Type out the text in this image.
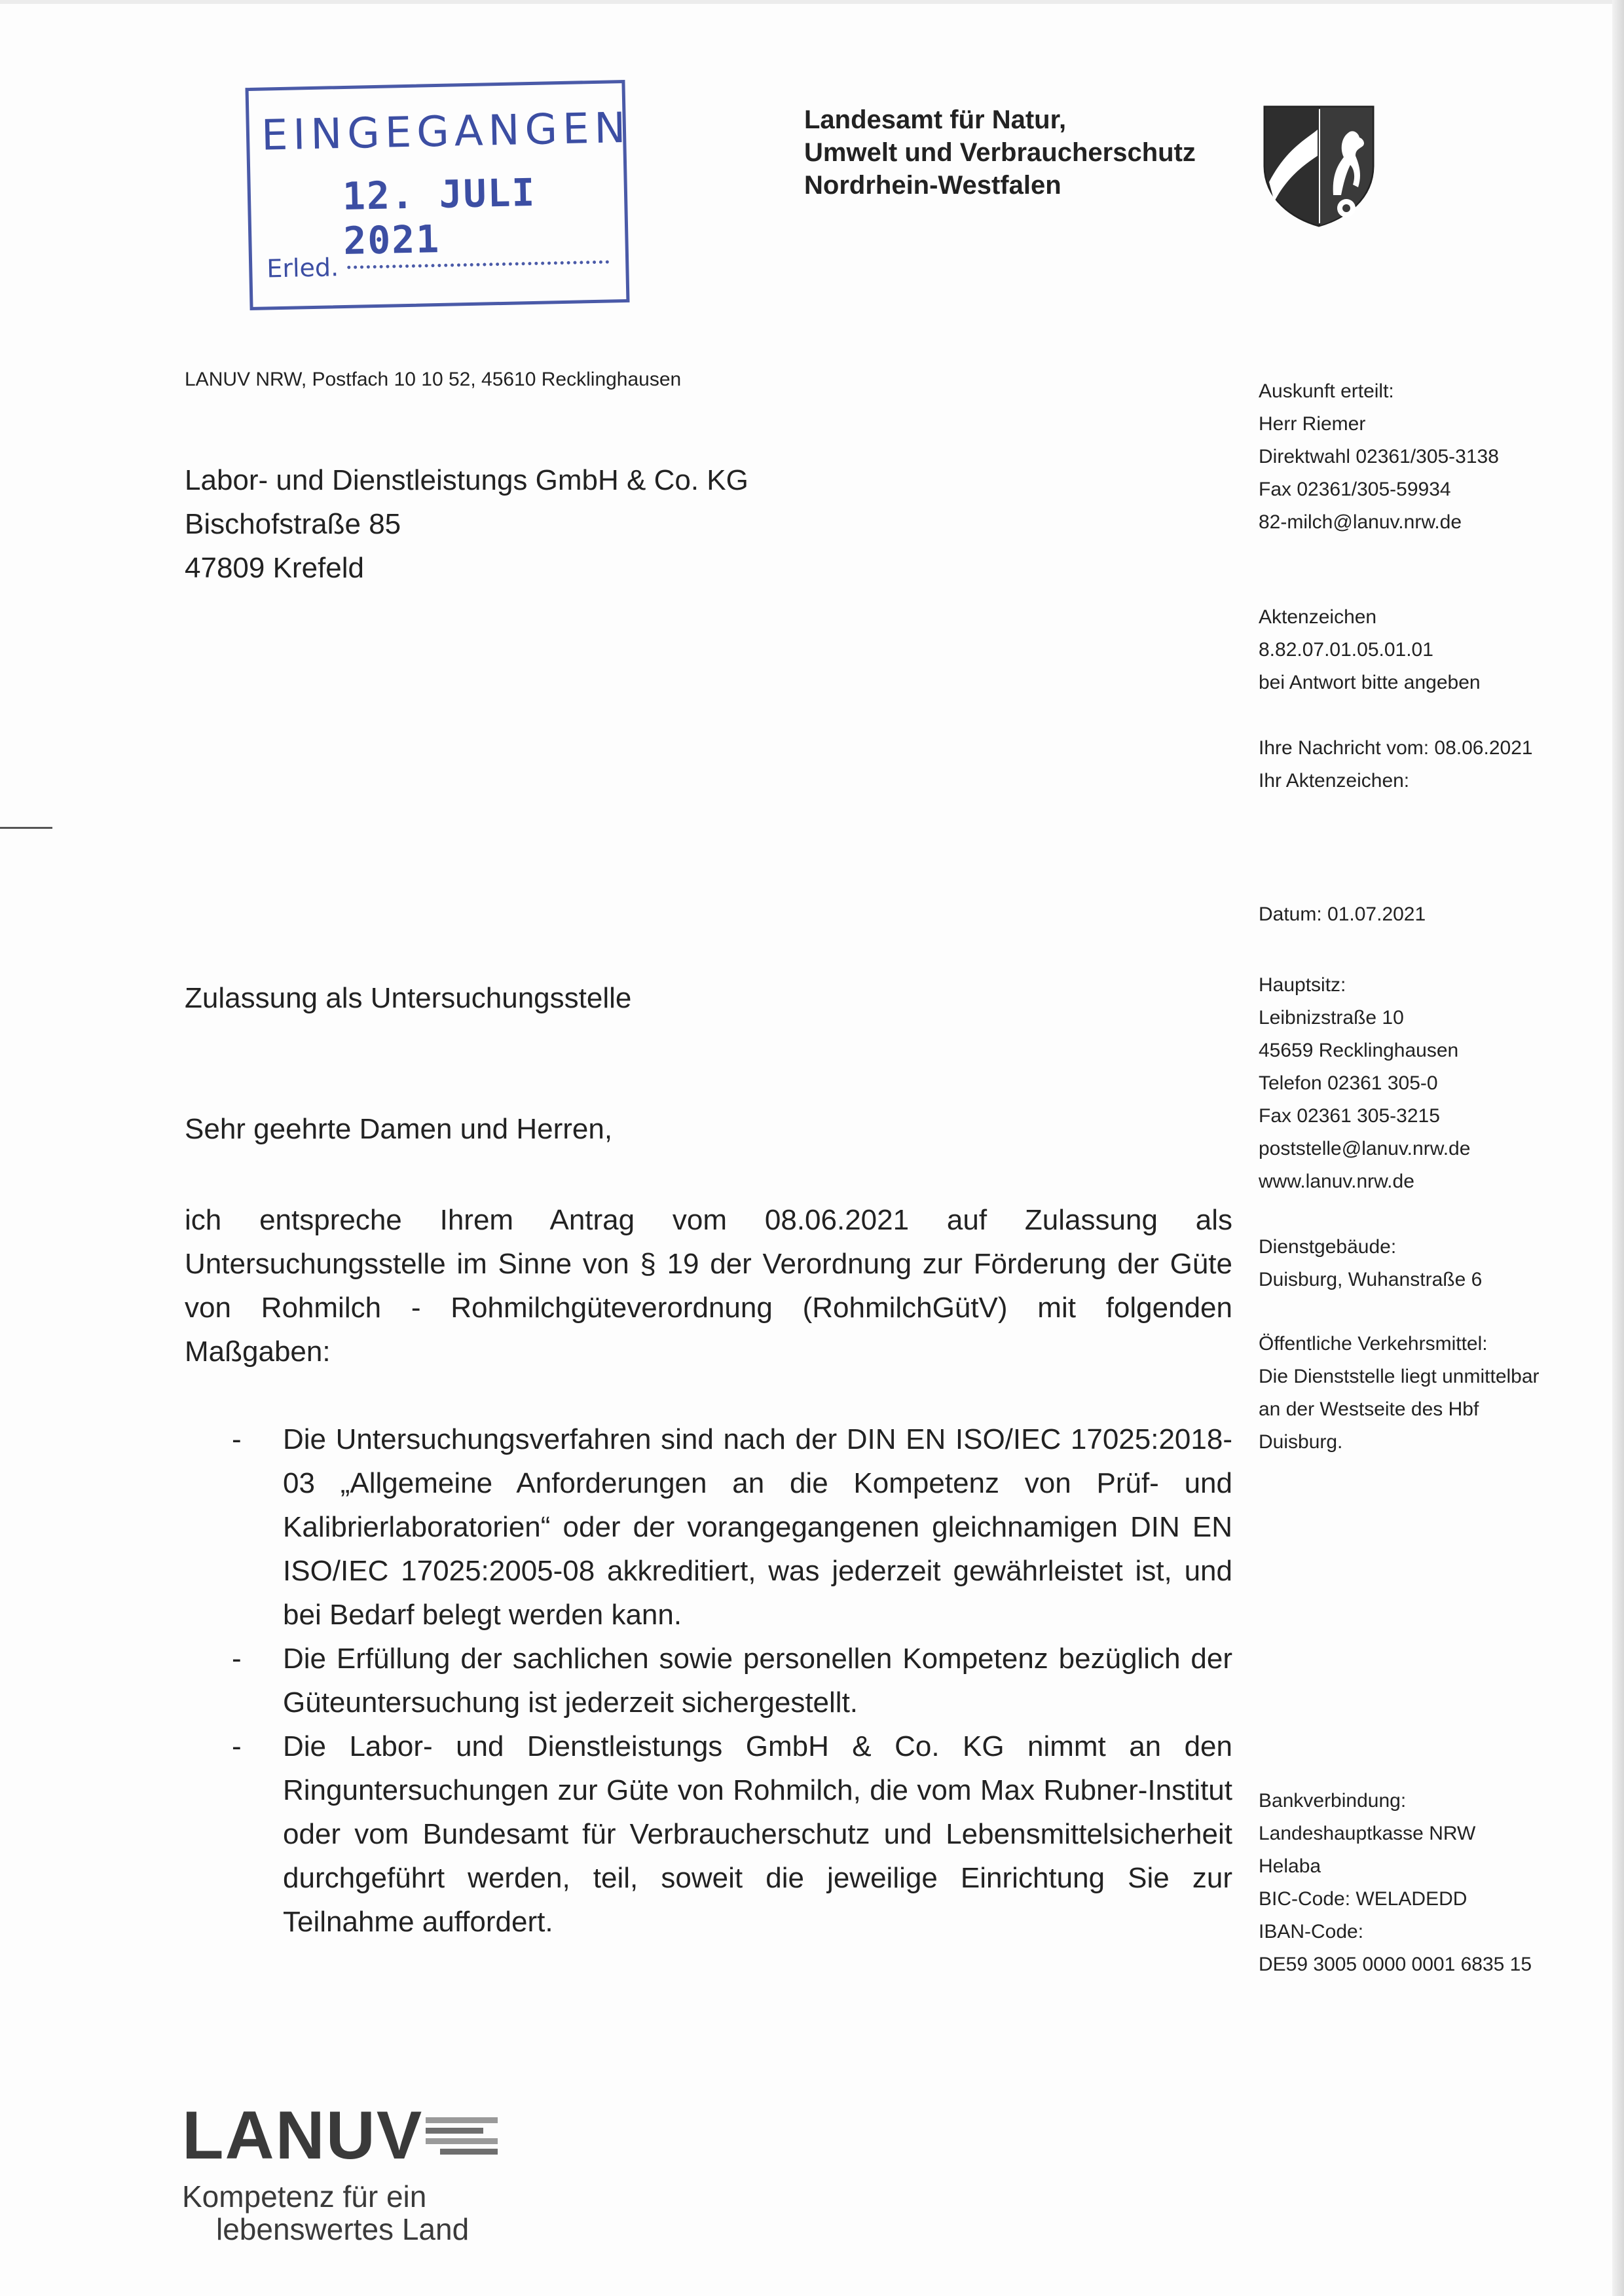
EINGEGANGEN
12. JULI 2021
Erled.
Landesamt für Natur,
Umwelt und Verbraucherschutz
Nordrhein-Westfalen
LANUV NRW, Postfach 10 10 52, 45610 Recklinghausen
Labor- und Dienstleistungs GmbH & Co. KG
Bischofstraße 85
47809 Krefeld
Auskunft erteilt:
Herr Riemer
Direktwahl 02361/305-3138
Fax 02361/305-59934
82-milch@lanuv.nrw.de
Aktenzeichen
8.82.07.01.05.01.01
bei Antwort bitte angeben
Ihre Nachricht vom: 08.06.2021
Ihr Aktenzeichen:
Datum: 01.07.2021
Hauptsitz:
Leibnizstraße 10
45659 Recklinghausen
Telefon 02361 305-0
Fax 02361 305-3215
poststelle@lanuv.nrw.de
www.lanuv.nrw.de
Dienstgebäude:
Duisburg, Wuhanstraße 6
Öffentliche Verkehrsmittel:
Die Dienststelle liegt unmittelbar
an der Westseite des Hbf
Duisburg.
Bankverbindung:
Landeshauptkasse NRW
Helaba
BIC-Code: WELADEDD
IBAN-Code:
DE59 3005 0000 0001 6835 15
Zulassung als Untersuchungsstelle
Sehr geehrte Damen und Herren,

ich entspreche Ihrem Antrag vom 08.06.2021 auf Zulassung als Untersuchungsstelle im Sinne von § 19 der Verordnung zur Förderung der Güte von Rohmilch - Rohmilchgüteverordnung (RohmilchGütV) mit folgenden Maßgaben:

- Die Untersuchungsverfahren sind nach der DIN EN ISO/IEC 17025:2018-03 „Allgemeine Anforderungen an die Kompetenz von Prüf- und Kalibrierlaboratorien“ oder der vorangegangenen gleichnamigen DIN EN ISO/IEC 17025:2005-08 akkreditiert, was jederzeit gewährleistet ist, und bei Bedarf belegt werden kann.
- Die Erfüllung der sachlichen sowie personellen Kompetenz bezüglich der Güteuntersuchung ist jederzeit sichergestellt.
- Die Labor- und Dienstleistungs GmbH & Co. KG nimmt an den Ringuntersuchungen zur Güte von Rohmilch, die vom Max Rubner-Institut oder vom Bundesamt für Verbraucherschutz und Lebensmittelsicherheit durchgeführt werden, teil, soweit die jeweilige Einrichtung Sie zur Teilnahme auffordert.
LANUV
Kompetenz für ein
lebenswertes Land
